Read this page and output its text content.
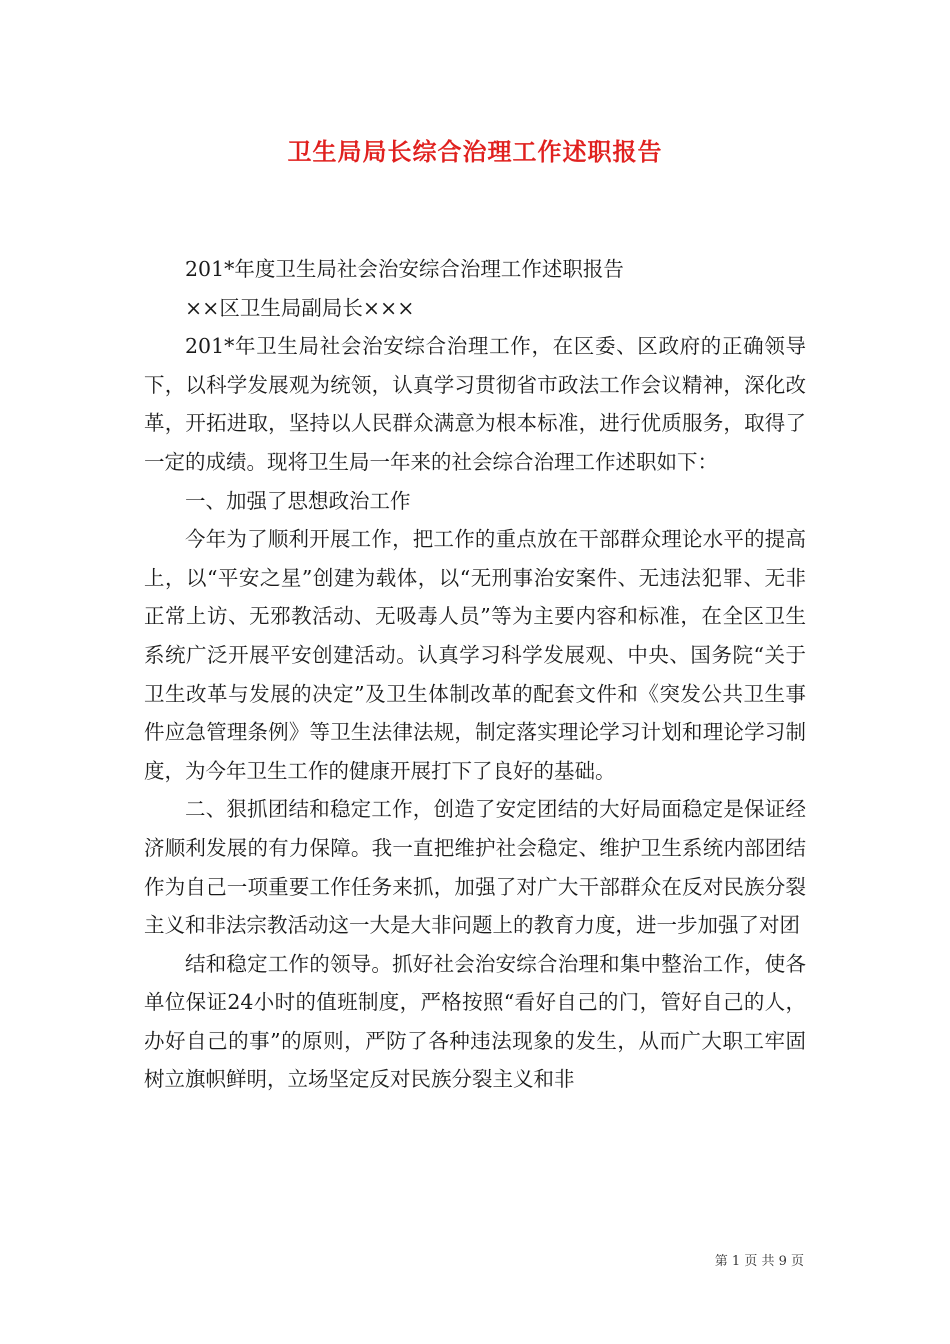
卫生局局长综合治理工作述职报告

201*年度卫生局社会治安综合治理工作述职报告

××区卫生局副局长×××

201*年卫生局社会治安综合治理工作，在区委、区政府的正确领导下，以科学发展观为统领，认真学习贯彻省市政法工作会议精神，深化改革，开拓进取，坚持以人民群众满意为根本标准，进行优质服务，取得了一定的成绩。现将卫生局一年来的社会综合治理工作述职如下：

一、加强了思想政治工作

今年为了顺利开展工作，把工作的重点放在干部群众理论水平的提高上，以“平安之星”创建为载体，以“无刑事治安案件、无违法犯罪、无非正常上访、无邪教活动、无吸毒人员”等为主要内容和标准，在全区卫生系统广泛开展平安创建活动。认真学习科学发展观、中央、国务院“关于卫生改革与发展的决定”及卫生体制改革的配套文件和《突发公共卫生事件应急管理条例》等卫生法律法规，制定落实理论学习计划和理论学习制度，为今年卫生工作的健康开展打下了良好的基础。

二、狠抓团结和稳定工作，创造了安定团结的大好局面稳定是保证经济顺利发展的有力保障。我一直把维护社会稳定、维护卫生系统内部团结作为自己一项重要工作任务来抓，加强了对广大干部群众在反对民族分裂主义和非法宗教活动这一大是大非问题上的教育力度，进一步加强了对团

结和稳定工作的领导。抓好社会治安综合治理和集中整治工作，使各单位保证24小时的值班制度，严格按照“看好自己的门，管好自己的人，办好自己的事”的原则，严防了各种违法现象的发生，从而广大职工牢固树立旗帜鲜明，立场坚定反对民族分裂主义和非

第 1 页 共 9 页
